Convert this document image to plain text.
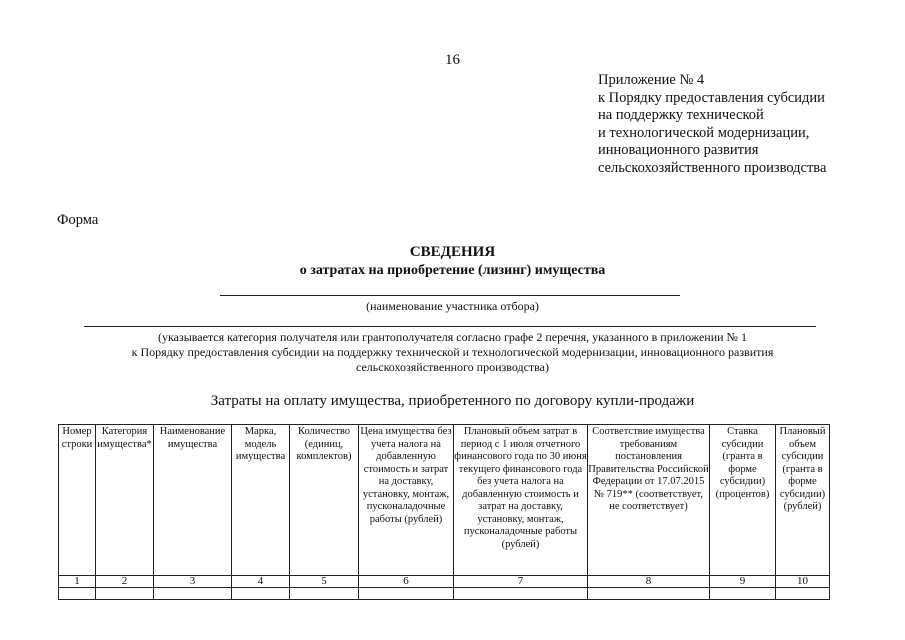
16
Приложение № 4
к Порядку предоставления субсидии
на поддержку технической
и технологической модернизации,
инновационного развития
сельскохозяйственного производства
Форма
СВЕДЕНИЯ
о затратах на приобретение (лизинг) имущества
(наименование участника отбора)
(указывается категория получателя или грантополучателя согласно графе 2 перечня, указанного в приложении № 1
к Порядку предоставления субсидии на поддержку технической и технологической модернизации, инновационного развития
сельскохозяйственного производства)
Затраты на оплату имущества, приобретенного по договору купли-продажи
Номер строки	Категория имущества*	Наименование имущества	Марка, модель имущества	Количество (единиц, комплектов)	Цена имущества без учета налога на добавленную стоимость и затрат на доставку, установку, монтаж, пусконаладочные работы (рублей)	Плановый объем затрат в период с 1 июля отчетного финансового года по 30 июня текущего финансового года без учета налога на добавленную стоимость и затрат на доставку, установку, монтаж, пусконаладочные работы (рублей)	Соответствие имущества требованиям постановления Правительства Российской Федерации от 17.07.2015 № 719** (соответствует, не соответствует)	Ставка субсидии (гранта в форме субсидии) (процентов)	Плановый объем субсидии (гранта в форме субсидии) (рублей)
1	2	3	4	5	6	7	8	9	10
